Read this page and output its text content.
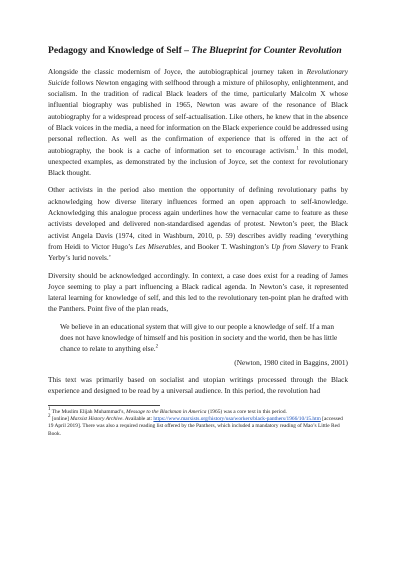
Pedagogy and Knowledge of Self – The Blueprint for Counter Revolution

Alongside the classic modernism of Joyce, the autobiographical journey taken in Revolutionary Suicide follows Newton engaging with selfhood through a mixture of philosophy, enlightenment, and socialism. In the tradition of radical Black leaders of the time, particularly Malcolm X whose influential biography was published in 1965, Newton was aware of the resonance of Black autobiography for a widespread process of self-actualisation. Like others, he knew that in the absence of Black voices in the media, a need for information on the Black experience could be addressed using personal reflection. As well as the confirmation of experience that is offered in the act of autobiography, the book is a cache of information set to encourage activism.$^1$ In this model, unexpected examples, as demonstrated by the inclusion of Joyce, set the context for revolutionary Black thought.

Other activists in the period also mention the opportunity of defining revolutionary paths by acknowledging how diverse literary influences formed an open approach to self-knowledge. Acknowledging this analogue process again underlines how the vernacular came to feature as these activists developed and delivered non-standardised agendas of protest. Newton’s peer, the Black activist Angela Davis (1974, cited in Washburn, 2010, p. 59) describes avidly reading ‘everything from Heidi to Victor Hugo’s Les Miserables, and Booker T. Washington’s Up from Slavery to Frank Yerby’s lurid novels.’

Diversity should be acknowledged accordingly. In context, a case does exist for a reading of James Joyce seeming to play a part influencing a Black radical agenda. In Newton’s case, it represented lateral learning for knowledge of self, and this led to the revolutionary ten-point plan he drafted with the Panthers. Point five of the plan reads,

We believe in an educational system that will give to our people a knowledge of self. If a man does not have knowledge of himself and his position in society and the world, then be has little chance to relate to anything else.$^2$
(Newton, 1980 cited in Baggins, 2001)

This text was primarily based on socialist and utopian writings processed through the Black experience and designed to be read by a universal audience. In this period, the revolution had

$^1$ The Muslim Elijah Muhammad’s, Message to the Blackman in America (1965) was a core text in this period.

$^2$ [online] Marxist History Archive. Available at: https://www.marxists.org/history/usa/workers/black-panthers/1966/10/15.htm [accessed 19 April 2019]. There was also a required reading list offered by the Panthers, which included a mandatory reading of Mao’s Little Red Book.
